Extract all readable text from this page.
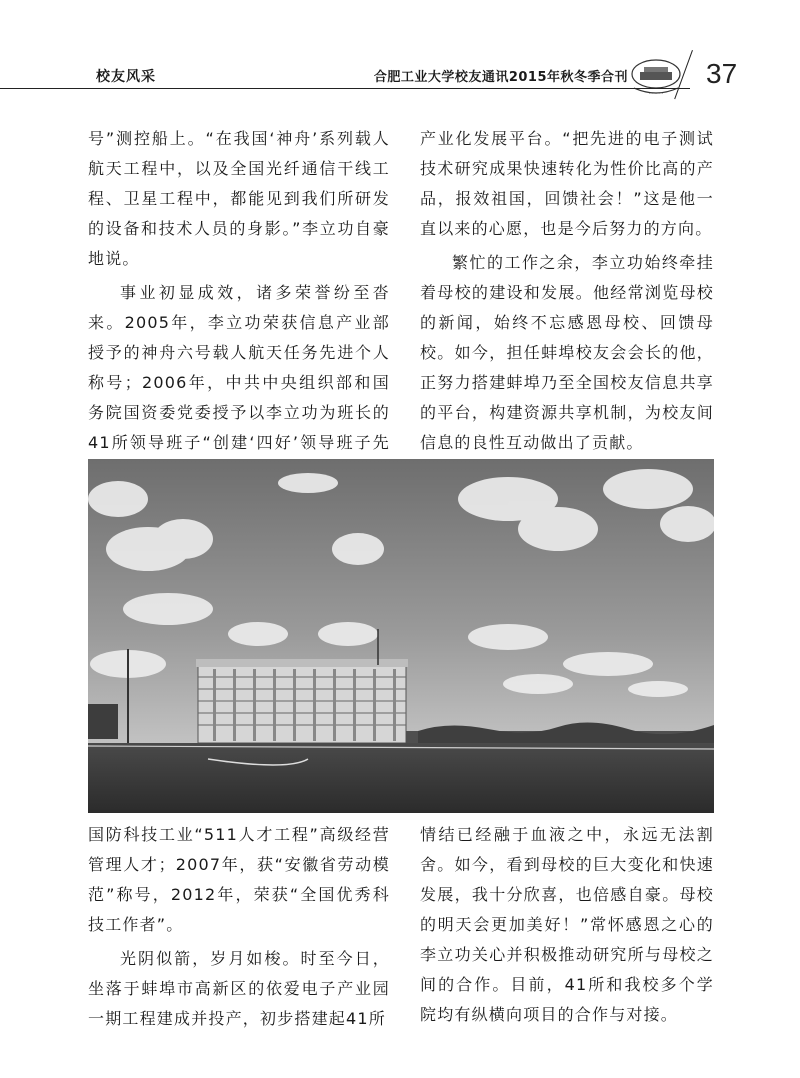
校友风采	合肥工业大学校友通讯2015年秋冬季合刊
· · · · ·
37

号”测控船上。“在我国‘神舟’系列载人航天工程中，以及全国光纤通信干线工程、卫星工程中，都能见到我们所研发的设备和技术人员的身影。”李立功自豪地说。

事业初显成效，诸多荣誉纷至沓来。2005年，李立功荣获信息产业部授予的神舟六号载人航天任务先进个人称号；2006年，中共中央组织部和国务院国资委党委授予以李立功为班长的41所领导班子“创建‘四好’领导班子先

产业化发展平台。“把先进的电子测试技术研究成果快速转化为性价比高的产品，报效祖国，回馈社会！”这是他一直以来的心愿，也是今后努力的方向。

繁忙的工作之余，李立功始终牵挂着母校的建设和发展。他经常浏览母校的新闻，始终不忘感恩母校、回馈母校。如今，担任蚌埠校友会会长的他，正努力搭建蚌埠乃至全国校友信息共享的平台，构建资源共享机制，为校友间信息的良性互动做出了贡献。

国防科技工业“511人才工程”高级经营管理人才；2007年，获“安徽省劳动模范”称号，2012年，荣获“全国优秀科技工作者”。

光阴似箭，岁月如梭。时至今日，坐落于蚌埠市高新区的依爱电子产业园一期工程建成并投产，初步搭建起41所

情结已经融于血液之中，永远无法割舍。如今，看到母校的巨大变化和快速发展，我十分欣喜，也倍感自豪。母校的明天会更加美好！”常怀感恩之心的李立功关心并积极推动研究所与母校之间的合作。目前，41所和我校多个学院均有纵横向项目的合作与对接。
